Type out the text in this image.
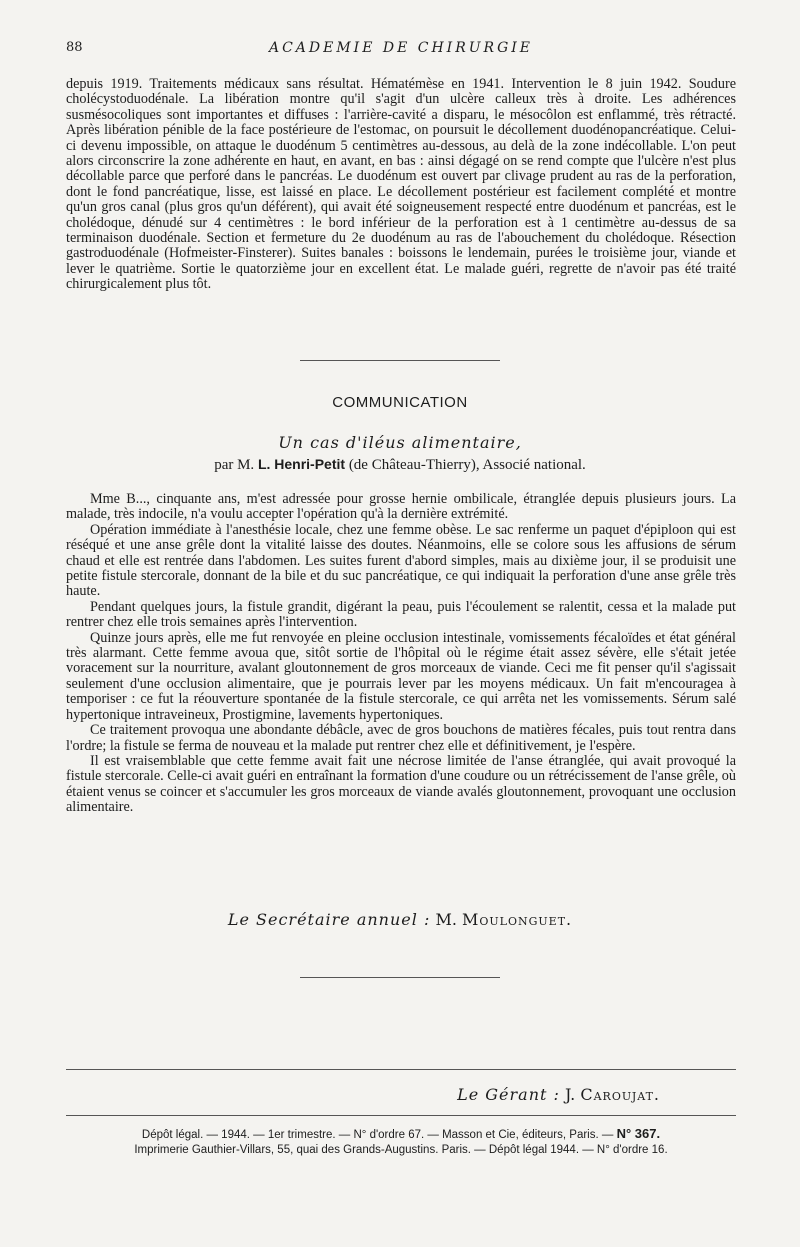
88	ACADEMIE DE CHIRURGIE

depuis 1919. Traitements médicaux sans résultat. Hématémèse en 1941. Intervention le 8 juin 1942. Soudure cholécystoduodénale. La libération montre qu'il s'agit d'un ulcère calleux très à droite. Les adhérences susmésocoliques sont importantes et diffuses : l'arrière-cavité a disparu, le mésocôlon est enflammé, très rétracté. Après libération pénible de la face postérieure de l'estomac, on poursuit le décollement duodénopancréatique. Celui-ci devenu impossible, on attaque le duodénum 5 centimètres au-dessous, au delà de la zone indécollable. L'on peut alors circonscrire la zone adhérente en haut, en avant, en bas : ainsi dégagé on se rend compte que l'ulcère n'est plus décollable parce que perforé dans le pancréas. Le duodénum est ouvert par clivage prudent au ras de la perforation, dont le fond pancréatique, lisse, est laissé en place. Le décollement postérieur est facilement complété et montre qu'un gros canal (plus gros qu'un déférent), qui avait été soigneusement respecté entre duodénum et pancréas, est le cholédoque, dénudé sur 4 centimètres : le bord inférieur de la perforation est à 1 centimètre au-dessus de sa terminaison duodénale. Section et fermeture du 2e duodénum au ras de l'abouchement du cholédoque. Résection gastroduodénale (Hofmeister-Finsterer). Suites banales : boissons le lendemain, purées le troisième jour, viande et lever le quatrième. Sortie le quatorzième jour en excellent état. Le malade guéri, regrette de n'avoir pas été traité chirurgicalement plus tôt.

COMMUNICATION
Un cas d'iléus alimentaire,
par M. L. Henri-Petit (de Château-Thierry), Associé national.

Mme B..., cinquante ans, m'est adressée pour grosse hernie ombilicale, étranglée depuis plusieurs jours. La malade, très indocile, n'a voulu accepter l'opération qu'à la dernière extrémité.

Opération immédiate à l'anesthésie locale, chez une femme obèse. Le sac renferme un paquet d'épiploon qui est réséqué et une anse grêle dont la vitalité laisse des doutes. Néanmoins, elle se colore sous les affusions de sérum chaud et elle est rentrée dans l'abdomen. Les suites furent d'abord simples, mais au dixième jour, il se produisit une petite fistule stercorale, donnant de la bile et du suc pancréatique, ce qui indiquait la perforation d'une anse grêle très haute.

Pendant quelques jours, la fistule grandit, digérant la peau, puis l'écoulement se ralentit, cessa et la malade put rentrer chez elle trois semaines après l'intervention.

Quinze jours après, elle me fut renvoyée en pleine occlusion intestinale, vomissements fécaloïdes et état général très alarmant. Cette femme avoua que, sitôt sortie de l'hôpital où le régime était assez sévère, elle s'était jetée voracement sur la nourriture, avalant gloutonnement de gros morceaux de viande. Ceci me fit penser qu'il s'agissait seulement d'une occlusion alimentaire, que je pourrais lever par les moyens médicaux. Un fait m'encouragea à temporiser : ce fut la réouverture spontanée de la fistule stercorale, ce qui arrêta net les vomissements. Sérum salé hypertonique intraveineux, Prostigmine, lavements hypertoniques.

Ce traitement provoqua une abondante débâcle, avec de gros bouchons de matières fécales, puis tout rentra dans l'ordre; la fistule se ferma de nouveau et la malade put rentrer chez elle et définitivement, je l'espère.

Il est vraisemblable que cette femme avait fait une nécrose limitée de l'anse étranglée, qui avait provoqué la fistule stercorale. Celle-ci avait guéri en entraînant la formation d'une coudure ou un rétrécissement de l'anse grêle, où étaient venus se coincer et s'accumuler les gros morceaux de viande avalés gloutonnement, provoquant une occlusion alimentaire.

Le Secrétaire annuel : M. Moulonguet.
Le Gérant : J. Caroujat.
Dépôt légal. — 1944. — 1er trimestre. — N° d'ordre 67. — Masson et Cie, éditeurs, Paris. — N° 367.
Imprimerie Gauthier-Villars, 55, quai des Grands-Augustins. Paris. — Dépôt légal 1944. — N° d'ordre 16.
